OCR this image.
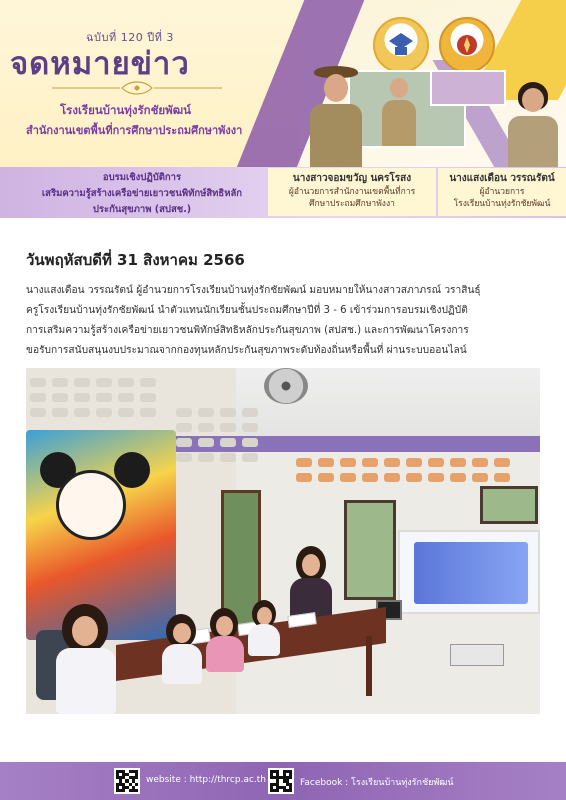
ฉบับที่ 120 ปีที่ 3
จดหมายข่าว
โรงเรียนบ้านทุ่งรักชัยพัฒน์
สำนักงานเขตพื้นที่การศึกษาประถมศึกษาพังงา
อบรมเชิงปฏิบัติการ
เสริมความรู้สร้างเครือข่ายเยาวชนพิทักษ์สิทธิหลัก
ประกันสุขภาพ (สปสช.)
นางสาวจอมขวัญ นครโรสง
ผู้อำนวยการสำนักงานเขตพื้นที่การ
ศึกษาประถมศึกษาพังงา
นางแสงเดือน วรรณรัตน์
ผู้อำนวยการ
โรงเรียนบ้านทุ่งรักชัยพัฒน์
วันพฤหัสบดีที่ 31 สิงหาคม 2566

นางแสงเดือน วรรณรัตน์ ผู้อำนวยการโรงเรียนบ้านทุ่งรักชัยพัฒน์ มอบหมายให้นางสาวสภาภรณ์ วราสินธุ์

ครูโรงเรียนบ้านทุ่งรักชัยพัฒน์ นำตัวแทนนักเรียนชั้นประถมศึกษาปีที่ 3 - 6 เข้าร่วมการอบรมเชิงปฏิบัติ

การเสริมความรู้สร้างเครือข่ายเยาวชนพิทักษ์สิทธิหลักประกันสุขภาพ (สปสช.) และการพัฒนาโครงการ

ขอรับการสนับสนุนงบประมาณจากกองทุนหลักประกันสุขภาพระดับท้องถิ่นหรือพื้นที่ ผ่านระบบออนไลน์

website : http://thrcp.ac.th	Facebook : โรงเรียนบ้านทุ่งรักชัยพัฒน์
